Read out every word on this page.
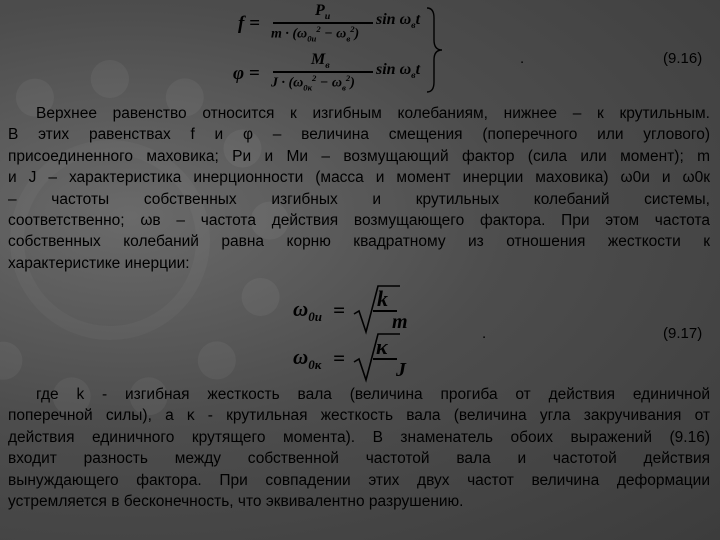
f =
$P_и$
$m \cdot (\omega_{0и}^2 - \omega_в^2)$
$\sin \omega_вt$
φ =
$M_в$
$J \cdot (\omega_{0к}^2 - \omega_в^2)$
$\sin \omega_вt$
.	(9.16)
Верхнее равенство относится к изгибным колебаниям, нижнее – к крутильным.
В этих равенствах f и φ – величина смещения (поперечного или углового)
присоединенного маховика; Pи и Mи – возмущающий фактор (сила или момент); m
и J – характеристика инерционности (масса и момент инерции маховика) ω0и и ω0к
– частоты собственных изгибных и крутильных колебаний системы,
соответственно; ωв – частота действия возмущающего фактора. При этом частота
собственных колебаний равна корню квадратному из отношения жесткости к
характеристике инерции:
$\omega_{0и} = k$
m
$\omega_{0к} = \kappa$
J
.	(9.17)
где k - изгибная жесткость вала (величина прогиба от действия единичной
поперечной силы), а κ - крутильная жесткость вала (величина угла закручивания от
действия единичного крутящего момента). В знаменатель обоих выражений (9.16)
входит разность между собственной частотой вала и частотой действия
вынуждающего фактора. При совпадении этих двух частот величина деформации
устремляется в бесконечность, что эквивалентно разрушению.
